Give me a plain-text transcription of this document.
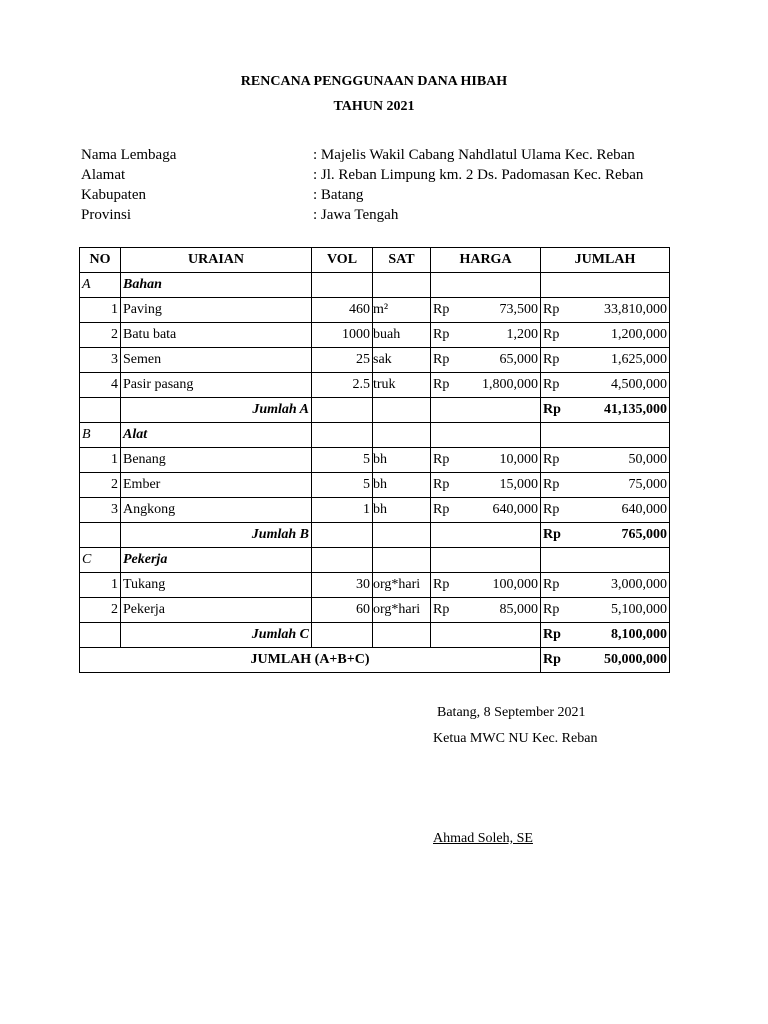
RENCANA PENGGUNAAN DANA HIBAH
TAHUN 2021
Nama Lembaga	: Majelis Wakil Cabang Nahdlatul Ulama Kec. Reban
Alamat	: Jl. Reban Limpung km. 2 Ds. Padomasan Kec. Reban
Kabupaten	: Batang
Provinsi	: Jawa Tengah
NO	URAIAN	VOL	SAT	HARGA		JUMLAH	
A	Bahan						
1	Paving	460	m²	Rp	73,500	Rp	33,810,000
2	Batu bata	1000	buah	Rp	1,200	Rp	1,200,000
3	Semen	25	sak	Rp	65,000	Rp	1,625,000
4	Pasir pasang	2.5	truk	Rp	1,800,000	Rp	4,500,000
	Jumlah A					Rp	41,135,000
B	Alat						
1	Benang	5	bh	Rp	10,000	Rp	50,000
2	Ember	5	bh	Rp	15,000	Rp	75,000
3	Angkong	1	bh	Rp	640,000	Rp	640,000
	Jumlah B					Rp	765,000
C	Pekerja						
1	Tukang	30	org*hari	Rp	100,000	Rp	3,000,000
2	Pekerja	60	org*hari	Rp	85,000	Rp	5,100,000
	Jumlah C					Rp	8,100,000
JUMLAH (A+B+C)						Rp	50,000,000
Batang, 8 September 2021
Ketua MWC NU Kec. Reban
Ahmad Soleh, SE
